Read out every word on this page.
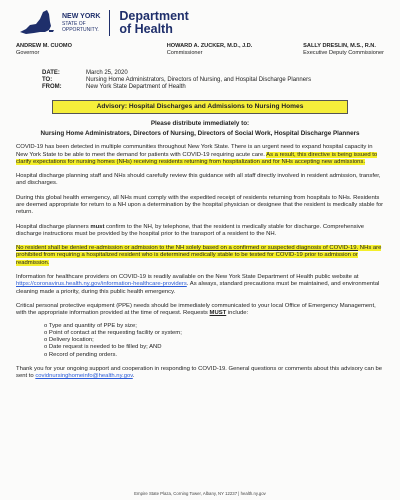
NEW YORK
STATE OF
OPPORTUNITY.
Department
of Health
ANDREW M. CUOMO
Governor
HOWARD A. ZUCKER, M.D., J.D.
Commissioner
SALLY DRESLIN, M.S., R.N.
Executive Deputy Commissioner
DATE:	March 25, 2020
TO:	Nursing Home Administrators, Directors of Nursing, and Hospital Discharge Planners
FROM:	New York State Department of Health
Advisory: Hospital Discharges and Admissions to Nursing Homes
Please distribute immediately to:
Nursing Home Administrators, Directors of Nursing, Directors of Social Work, Hospital Discharge Planners

COVID-19 has been detected in multiple communities throughout New York State. There is an urgent need to expand hospital capacity in New York State to be able to meet the demand for patients with COVID-19 requiring acute care. As a result, this directive is being issued to clarify expectations for nursing homes (NHs) receiving residents returning from hospitalization and for NHs accepting new admissions.

Hospital discharge planning staff and NHs should carefully review this guidance with all staff directly involved in resident admission, transfer, and discharges.

During this global health emergency, all NHs must comply with the expedited receipt of residents returning from hospitals to NHs. Residents are deemed appropriate for return to a NH upon a determination by the hospital physician or designee that the resident is medically stable for return.

Hospital discharge planners must confirm to the NH, by telephone, that the resident is medically stable for discharge. Comprehensive discharge instructions must be provided by the hospital prior to the transport of a resident to the NH.

No resident shall be denied re-admission or admission to the NH solely based on a confirmed or suspected diagnosis of COVID-19. NHs are prohibited from requiring a hospitalized resident who is determined medically stable to be tested for COVID-19 prior to admission or readmission.

Information for healthcare providers on COVID-19 is readily available on the New York State Department of Health public website at https://coronavirus.health.ny.gov/information-healthcare-providers. As always, standard precautions must be maintained, and environmental cleaning made a priority, during this public health emergency.

Critical personal protective equipment (PPE) needs should be immediately communicated to your local Office of Emergency Management, with the appropriate information provided at the time of request. Requests MUST include:

o Type and quantity of PPE by size;
o Point of contact at the requesting facility or system;
o Delivery location;
o Date request is needed to be filled by; AND
o Record of pending orders.

Thank you for your ongoing support and cooperation in responding to COVID-19. General questions or comments about this advisory can be sent to covidnursinghomeinfo@health.ny.gov.

Empire State Plaza, Corning Tower, Albany, NY 12237 | health.ny.gov
